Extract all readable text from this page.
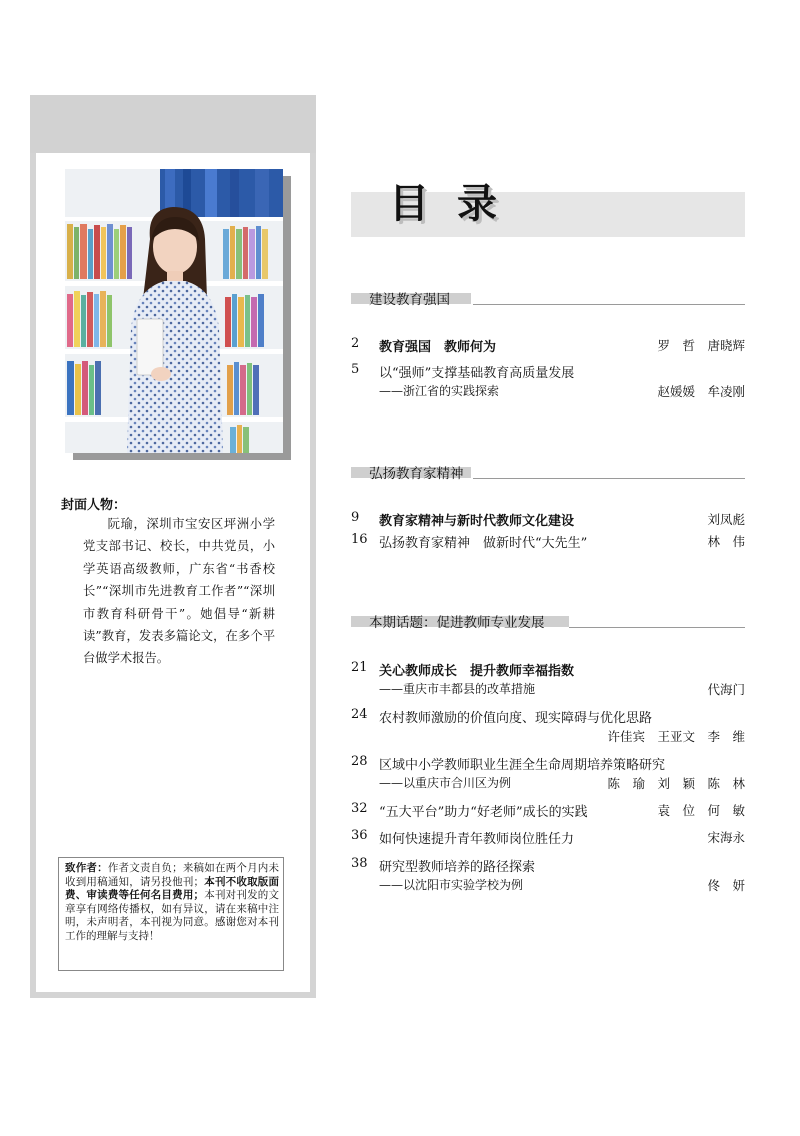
封面人物：
阮瑜，深圳市宝安区坪洲小学党支部书记、校长，中共党员，小学英语高级教师，广东省“书香校长”“深圳市先进教育工作者”“深圳市教育科研骨干”。她倡导“新耕读”教育，发表多篇论文，在多个平台做学术报告。
致作者：作者文责自负；来稿如在两个月内未收到用稿通知，请另投他刊；本刊不收取版面费、审读费等任何名目费用；本刊对刊发的文章享有网络传播权，如有异议，请在来稿中注明，未声明者，本刊视为同意。感谢您对本刊工作的理解与支持！
目录
建设教育强国
2 教育强国　教师何为	罗　哲　唐晓辉
5 以“强师”支撑基础教育高质量发展
——浙江省的实践探索	赵媛媛　牟凌刚
弘扬教育家精神
9 教育家精神与新时代教师文化建设	刘凤彪
16 弘扬教育家精神　做新时代“大先生”	林　伟
本期话题：促进教师专业发展
21 关心教师成长　提升教师幸福指数
——重庆市丰都县的改革措施	代海门
24 农村教师激励的价值向度、现实障碍与优化思路
许佳宾　王亚文　李　维
28 区域中小学教师职业生涯全生命周期培养策略研究
——以重庆市合川区为例	陈　瑜　刘　颖　陈　林
32 “五大平台”助力“好老师”成长的实践	袁　位　何　敏
36 如何快速提升青年教师岗位胜任力	宋海永
38 研究型教师培养的路径探索
——以沈阳市实验学校为例	佟　妍
